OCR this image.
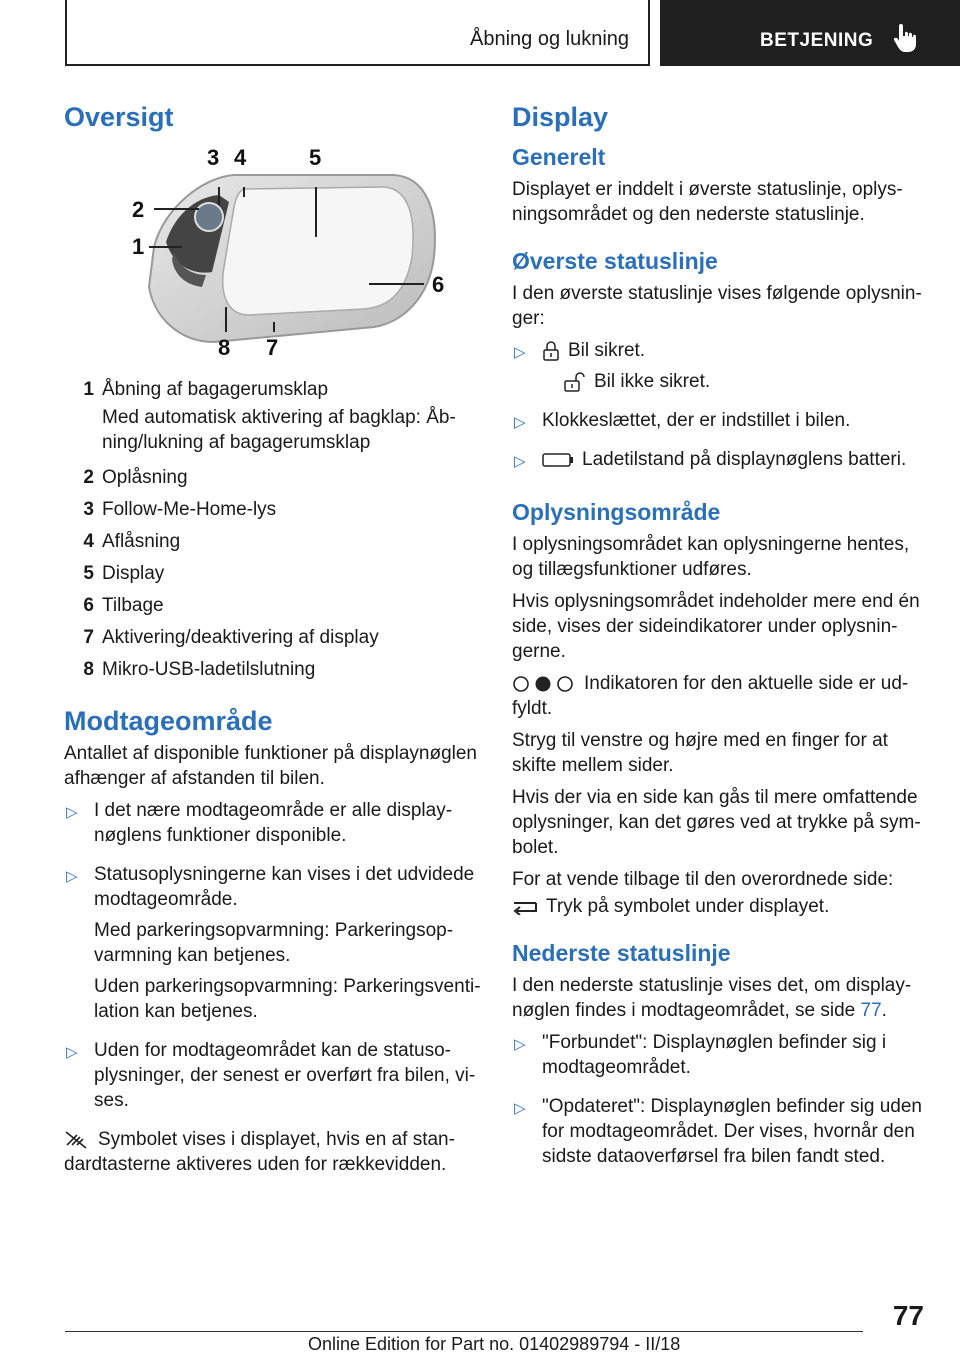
Åbning og lukning	BETJENING
Oversigt
3 4	5
2
1
6
8 7
1 Åbning af bagagerumsklap

Med automatisk aktivering af bagklap: Åb-ning/lukning af bagagerumsklap

2 Oplåsning
3 Follow-Me-Home-lys
4 Aflåsning
5 Display
6 Tilbage
7 Aktivering/deaktivering af display
8 Mikro-USB-ladetilslutning
Modtageområde

Antallet af disponible funktioner på displaynøglen afhænger af afstanden til bilen.

▷ I det nære modtageområde er alle display-nøglens funktioner disponible.

▷ Statusoplysningerne kan vises i det udvidede modtageområde.

Med parkeringsopvarmning: Parkeringsop-varmning kan betjenes.

Uden parkeringsopvarmning: Parkeringsventi-lation kan betjenes.

▷ Uden for modtageområdet kan de statuso-plysninger, der senest er overført fra bilen, vi-ses.

Symbolet vises i displayet, hvis en af stan-dardtasterne aktiveres uden for rækkevidden.

Display
Generelt

Displayet er inddelt i øverste statuslinje, oplys-ningsområdet og den nederste statuslinje.

Øverste statuslinje

I den øverste statuslinje vises følgende oplysnin-ger:

▷	Bil sikret.

Bil ikke sikret.

▷ Klokkeslættet, der er indstillet i bilen.

▷	Ladetilstand på displaynøglens batteri.

Oplysningsområde

I oplysningsområdet kan oplysningerne hentes, og tillægsfunktioner udføres.

Hvis oplysningsområdet indeholder mere end én side, vises der sideindikatorer under oplysnin-gerne.

Indikatoren for den aktuelle side er ud-fyldt.

Stryg til venstre og højre med en finger for at skifte mellem sider.

Hvis der via en side kan gås til mere omfattende oplysninger, kan det gøres ved at trykke på sym-bolet.

For at vende tilbage til den overordnede side:

Tryk på symbolet under displayet.

Nederste statuslinje

I den nederste statuslinje vises det, om display-nøglen findes i modtageområdet, se side 77.

▷ "Forbundet": Displaynøglen befinder sig i modtageområdet.

▷ "Opdateret": Displaynøglen befinder sig uden for modtageområdet. Der vises, hvornår den sidste dataoverførsel fra bilen fandt sted.

77
Online Edition for Part no. 01402989794 - II/18
